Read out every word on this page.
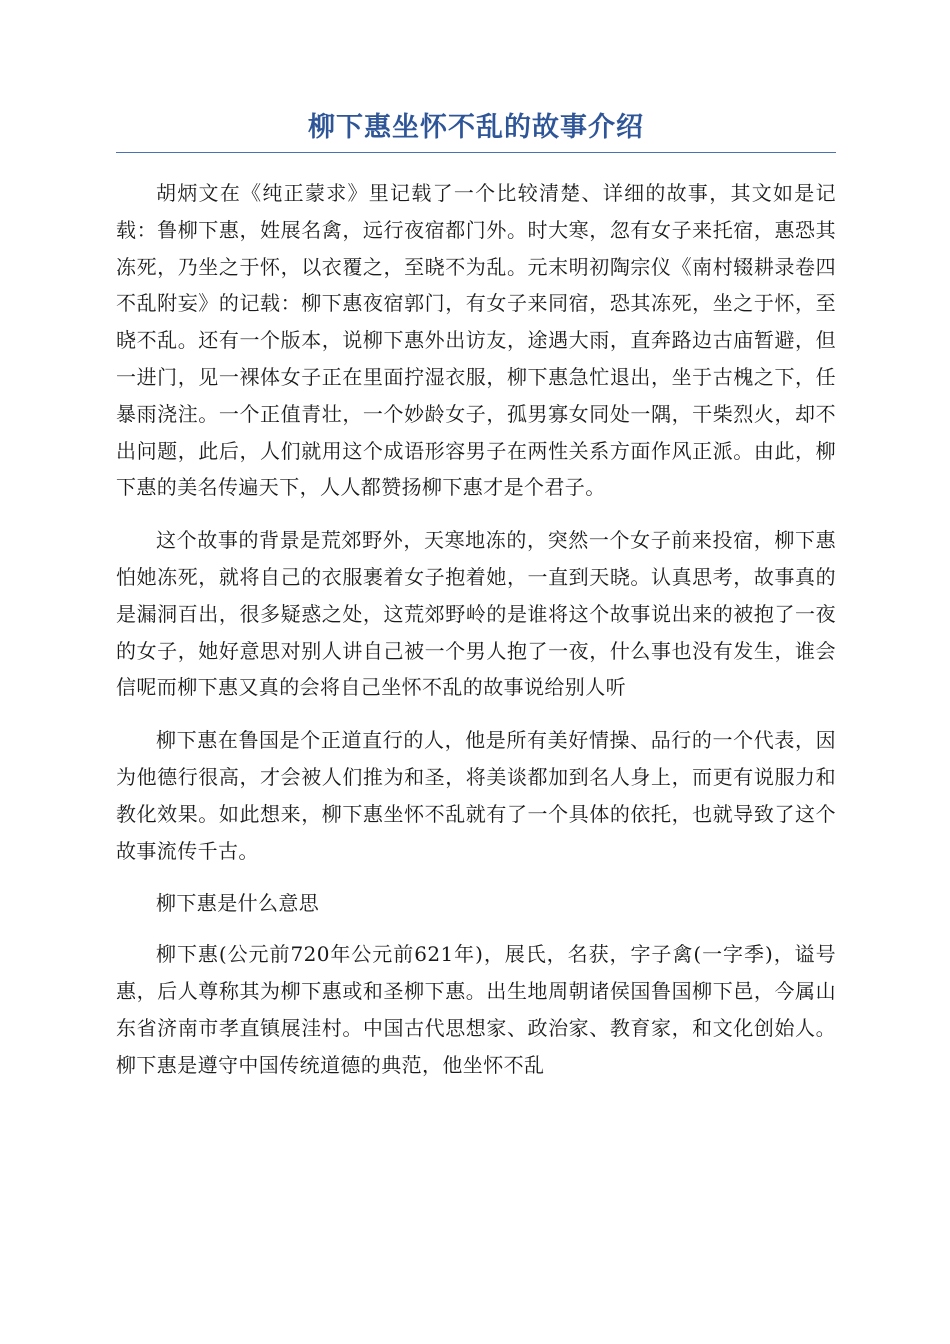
柳下惠坐怀不乱的故事介绍

胡炳文在《纯正蒙求》里记载了一个比较清楚、详细的故事，其文如是记载：鲁柳下惠，姓展名禽，远行夜宿都门外。时大寒，忽有女子来托宿，惠恐其冻死，乃坐之于怀，以衣覆之，至晓不为乱。元末明初陶宗仪《南村辍耕录卷四不乱附妄》的记载：柳下惠夜宿郭门，有女子来同宿，恐其冻死，坐之于怀，至晓不乱。还有一个版本，说柳下惠外出访友，途遇大雨，直奔路边古庙暂避，但一进门，见一裸体女子正在里面拧湿衣服，柳下惠急忙退出，坐于古槐之下，任暴雨浇注。一个正值青壮，一个妙龄女子，孤男寡女同处一隅，干柴烈火，却不出问题，此后，人们就用这个成语形容男子在两性关系方面作风正派。由此，柳下惠的美名传遍天下，人人都赞扬柳下惠才是个君子。

这个故事的背景是荒郊野外，天寒地冻的，突然一个女子前来投宿，柳下惠怕她冻死，就将自己的衣服裹着女子抱着她，一直到天晓。认真思考，故事真的是漏洞百出，很多疑惑之处，这荒郊野岭的是谁将这个故事说出来的被抱了一夜的女子，她好意思对别人讲自己被一个男人抱了一夜，什么事也没有发生，谁会信呢而柳下惠又真的会将自己坐怀不乱的故事说给别人听

柳下惠在鲁国是个正道直行的人，他是所有美好情操、品行的一个代表，因为他德行很高，才会被人们推为和圣，将美谈都加到名人身上，而更有说服力和教化效果。如此想来，柳下惠坐怀不乱就有了一个具体的依托，也就导致了这个故事流传千古。

柳下惠是什么意思

柳下惠(公元前720年公元前621年)，展氏，名获，字子禽(一字季)，谥号惠，后人尊称其为柳下惠或和圣柳下惠。出生地周朝诸侯国鲁国柳下邑，今属山东省济南市孝直镇展洼村。中国古代思想家、政治家、教育家，和文化创始人。柳下惠是遵守中国传统道德的典范，他坐怀不乱
